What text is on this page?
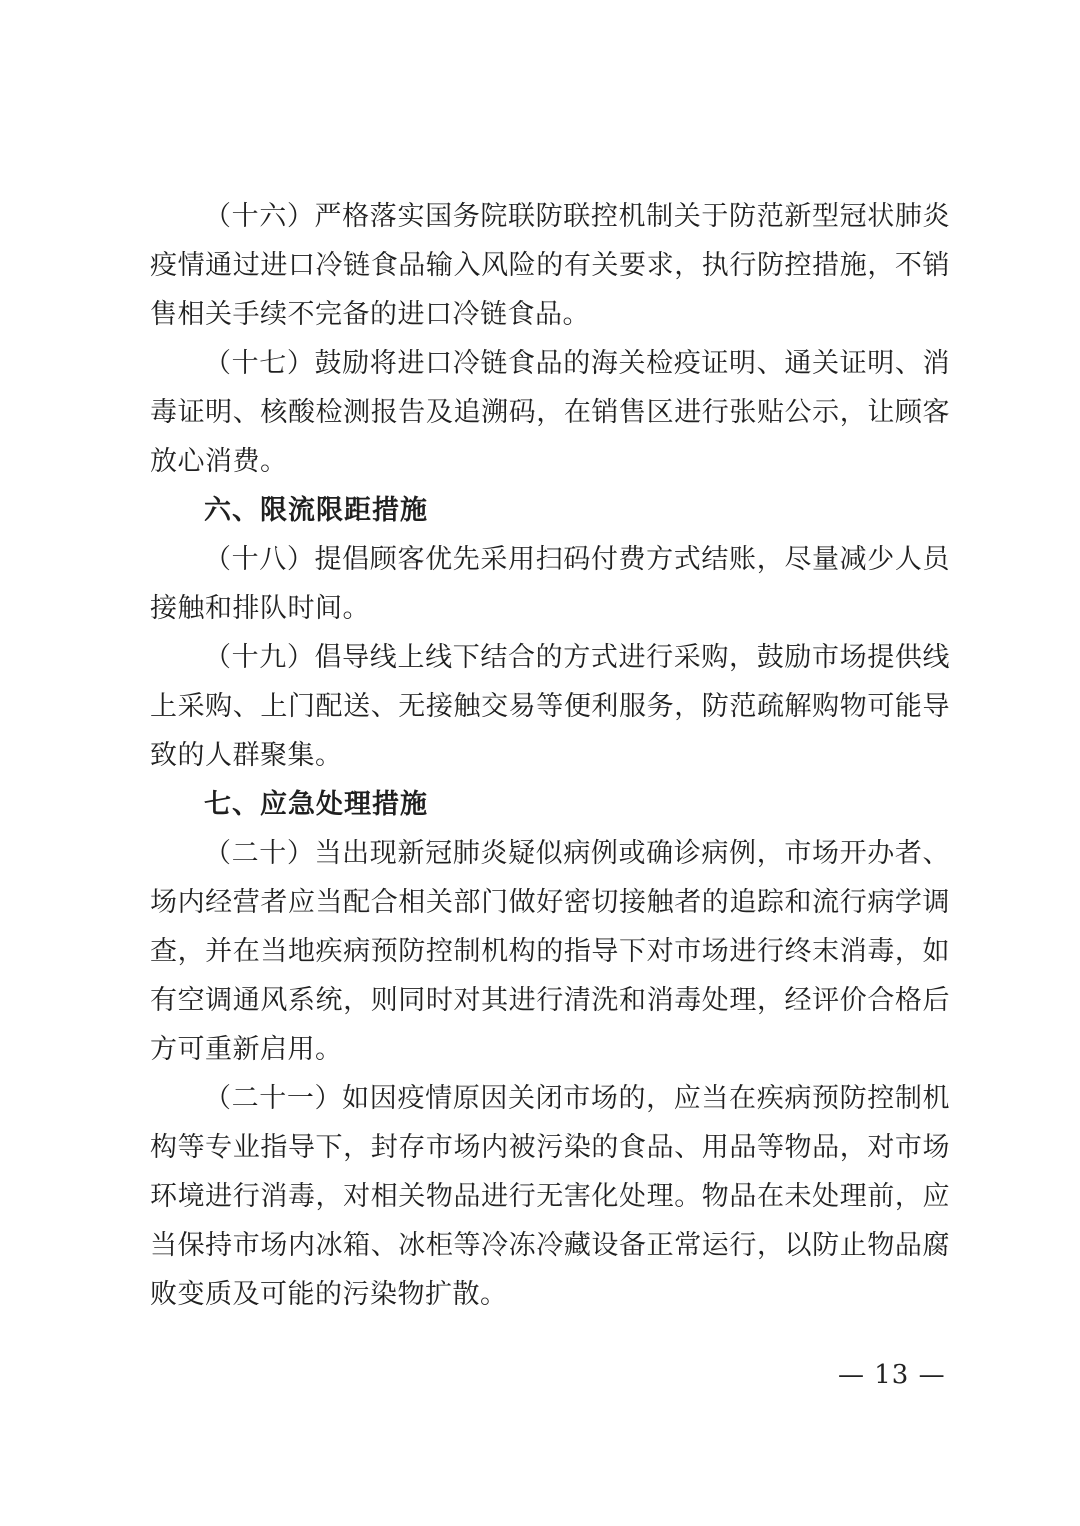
（十六）严格落实国务院联防联控机制关于防范新型冠状肺炎疫情通过进口冷链食品输入风险的有关要求，执行防控措施，不销售相关手续不完备的进口冷链食品。

（十七）鼓励将进口冷链食品的海关检疫证明、通关证明、消毒证明、核酸检测报告及追溯码，在销售区进行张贴公示，让顾客放心消费。

六、限流限距措施

（十八）提倡顾客优先采用扫码付费方式结账，尽量减少人员接触和排队时间。

（十九）倡导线上线下结合的方式进行采购，鼓励市场提供线上采购、上门配送、无接触交易等便利服务，防范疏解购物可能导致的人群聚集。

七、应急处理措施

（二十）当出现新冠肺炎疑似病例或确诊病例，市场开办者、场内经营者应当配合相关部门做好密切接触者的追踪和流行病学调查，并在当地疾病预防控制机构的指导下对市场进行终末消毒，如有空调通风系统，则同时对其进行清洗和消毒处理，经评价合格后方可重新启用。

（二十一）如因疫情原因关闭市场的，应当在疾病预防控制机构等专业指导下，封存市场内被污染的食品、用品等物品，对市场环境进行消毒，对相关物品进行无害化处理。物品在未处理前，应当保持市场内冰箱、冰柜等冷冻冷藏设备正常运行，以防止物品腐败变质及可能的污染物扩散。

— 13 —
